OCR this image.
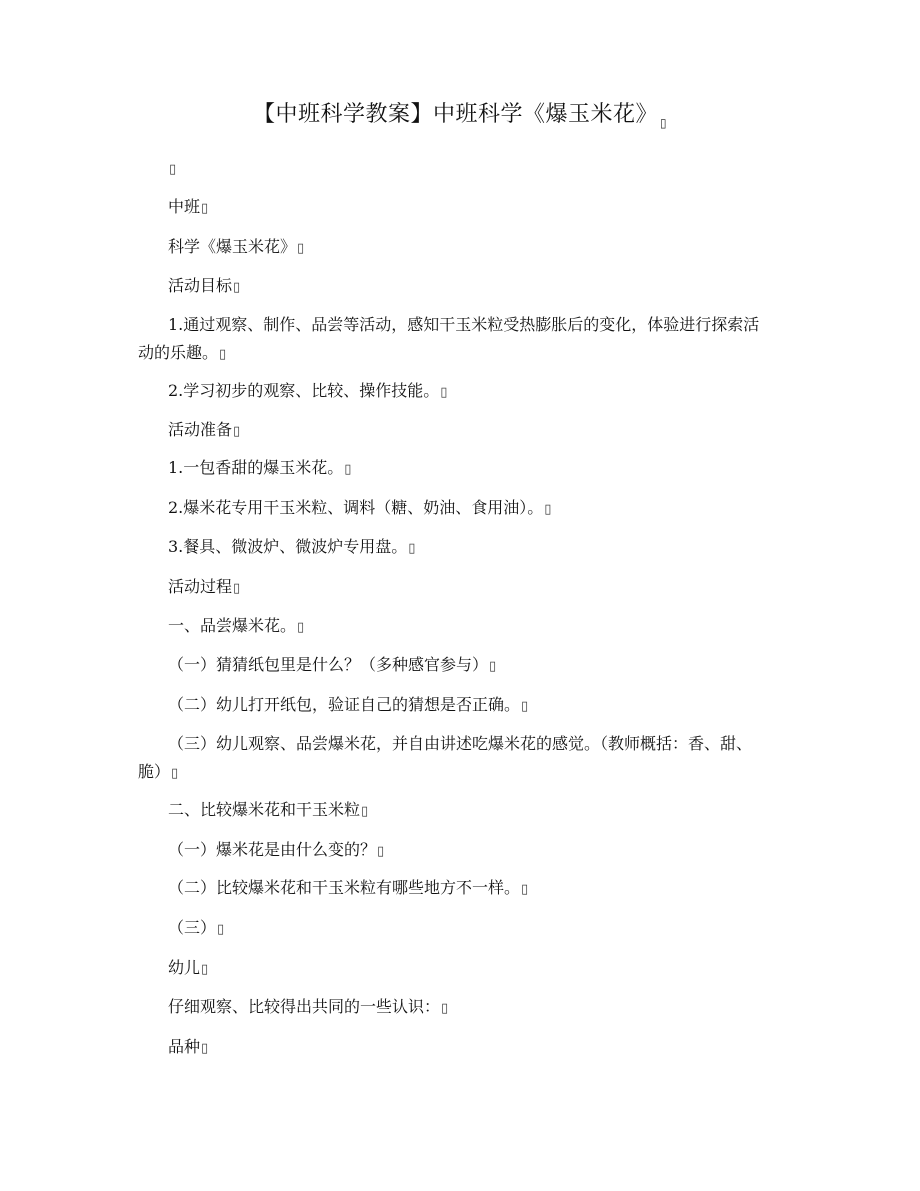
【中班科学教案】中班科学《爆玉米花》 $_▯$
▯
中班▯
科学《爆玉米花》▯
活动目标▯
1.通过观察、制作、品尝等活动，感知干玉米粒受热膨胀后的变化，体验进行探索活
动的乐趣。▯
2.学习初步的观察、比较、操作技能。▯
活动准备▯
1.一包香甜的爆玉米花。▯
2.爆米花专用干玉米粒、调料（糖、奶油、食用油）。▯
3.餐具、微波炉、微波炉专用盘。▯
活动过程▯
一、品尝爆米花。▯
（一）猜猜纸包里是什么？（多种感官参与）▯
（二）幼儿打开纸包，验证自己的猜想是否正确。▯
（三）幼儿观察、品尝爆米花，并自由讲述吃爆米花的感觉。（教师概括：香、甜、
脆）▯
二、比较爆米花和干玉米粒▯
（一）爆米花是由什么变的？▯
（二）比较爆米花和干玉米粒有哪些地方不一样。▯
（三）▯
幼儿▯
仔细观察、比较得出共同的一些认识：▯
品种▯
